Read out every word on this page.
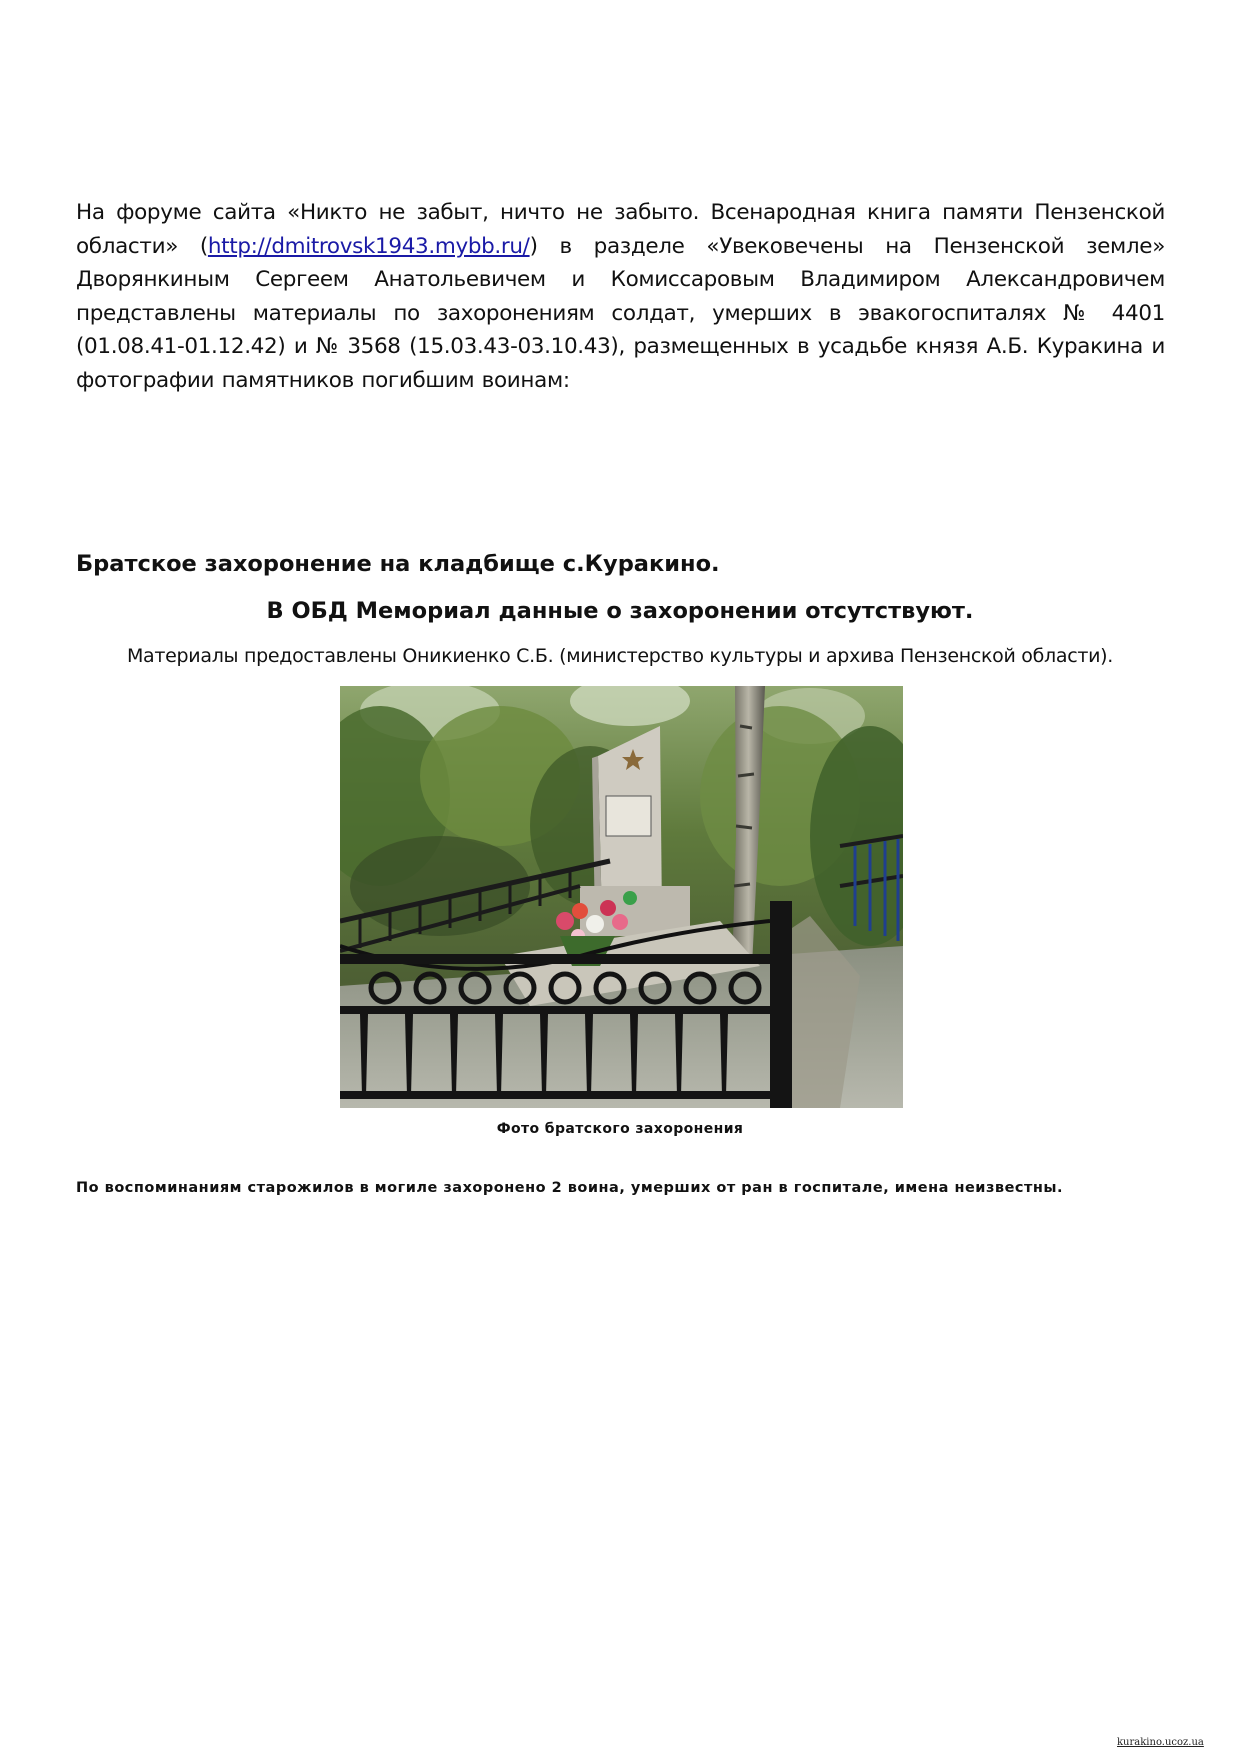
На форуме сайта «Никто не забыт, ничто не забыто. Всенародная книга памяти Пензенской области» (http://dmitrovsk1943.mybb.ru/) в разделе «Увековечены на Пензенской земле» Дворянкиным Сергеем Анатольевичем и Комиссаровым Владимиром Александровичем представлены материалы по захоронениям солдат, умерших в эвакогоспиталях № 4401 (01.08.41-01.12.42) и № 3568 (15.03.43-03.10.43), размещенных в усадьбе князя А.Б. Куракина и фотографии памятников погибшим воинам:
Братское захоронение на кладбище с.Куракино.
В ОБД Мемориал данные о захоронении отсутствуют.
Материалы предоставлены Оникиенко С.Б. (министерство культуры и архива Пензенской области).
Фото братского захоронения
По воспоминаниям старожилов в могиле захоронено 2 воина, умерших от ран в госпитале, имена неизвестны.
kurakino.ucoz.ua
